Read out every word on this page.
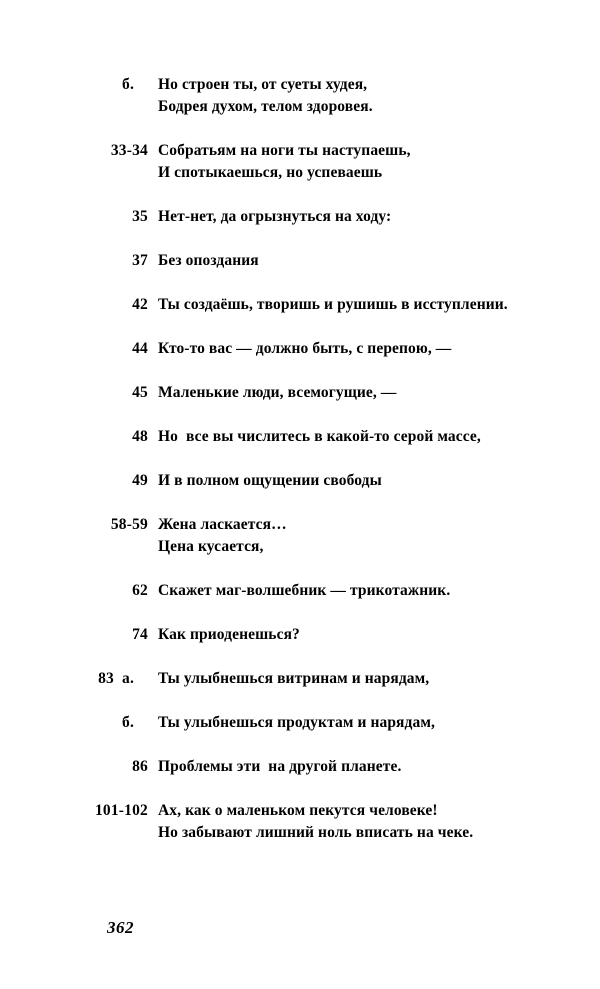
б.	Но строен ты, от суеты худея,
Бодрея духом, телом здоровея.
33-34 Собратьям на ноги ты наступаешь,
И спотыкаешься, но успеваешь
35 Нет-нет, да огрызнуться на ходу:
37 Без опоздания
42 Ты создаёшь, творишь и рушишь в исступлении.
44 Кто-то вас — должно быть, с перепою, —
45 Маленькие люди, всемогущие, —
48 Но  все вы числитесь в какой-то серой массе,
49 И в полном ощущении свободы
58-59 Жена ласкается…
Цена кусается,
62 Скажет маг-волшебник — трикотажник.
74 Как приоденешься?
83 а.	Ты улыбнешься витринам и нарядам,
б.	Ты улыбнешься продуктам и нарядам,
86 Проблемы эти  на другой планете.
101-102 Ах, как о маленьком пекутся человеке!
Но забывают лишний ноль вписать на чеке.
362
